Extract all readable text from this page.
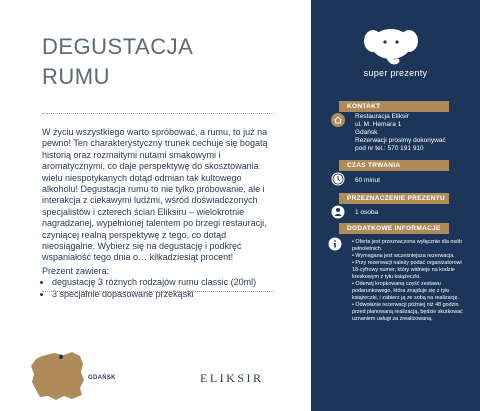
DEGUSTACJA
RUMU
W życiu wszystkiego warto spróbować, a rumu, to już na pewno! Ten charakterystyczny trunek cechuje się bogatą historią oraz rozmaitymi nutami smakowymi i aromatycznymi, co daje perspektywę do skosztowania wielu niespotykanych dotąd odmian tak kultowego alkoholu! Degustacja rumu to nie tylko próbowanie, ale i interakcja z ciekawymi ludźmi, wśród doświadczonych specjalistów i czterech ścian Eliksiru – wielokrotnie nagradzanej, wypełnionej talentem po brzegi restauracji, czyniącej realną perspektywę z tego, co dotąd nieosiągalne. Wybierz się na degustację i podkręć wspaniałość tego dnia o… kilkadziesiąt procent!
Prezent zawiera:
• degustację 3 różnych rodzajów rumu classic (20ml)
• 3 specjalnie dopasowane przekąski
GDAŃSK	ELIKSIR
super prezenty
KONTAKT
Restauracja Eliksir
ul. M. Hemara 1
Gdańsk
Rezerwacji prosimy dokonywać
pod nr tel.: 570 191 910
CZAS TRWANIA
60 minut
PRZEZNACZENIE PREZENTU
1 osoba
DODATKOWE INFORMACJE

• Oferta jest przeznaczona wyłącznie dla osób pełnoletnich.

• Wymagana jest wcześniejsza rezerwacja.

• Przy rezerwacji należy podać organizatorowi 18-cyfrowy numer, który widnieje na kodzie kreskowym z tyłu książeczki.

• Oderwij kropkowaną część zestawu podarunkowego, która znajduje się z tyłu książeczki, i zabierz ją ze sobą na realizację.

• Odwołanie rezerwacji później niż 48 godzin przed planowaną realizacją, będzie skutkować uznaniem usługi za zrealizowaną.
